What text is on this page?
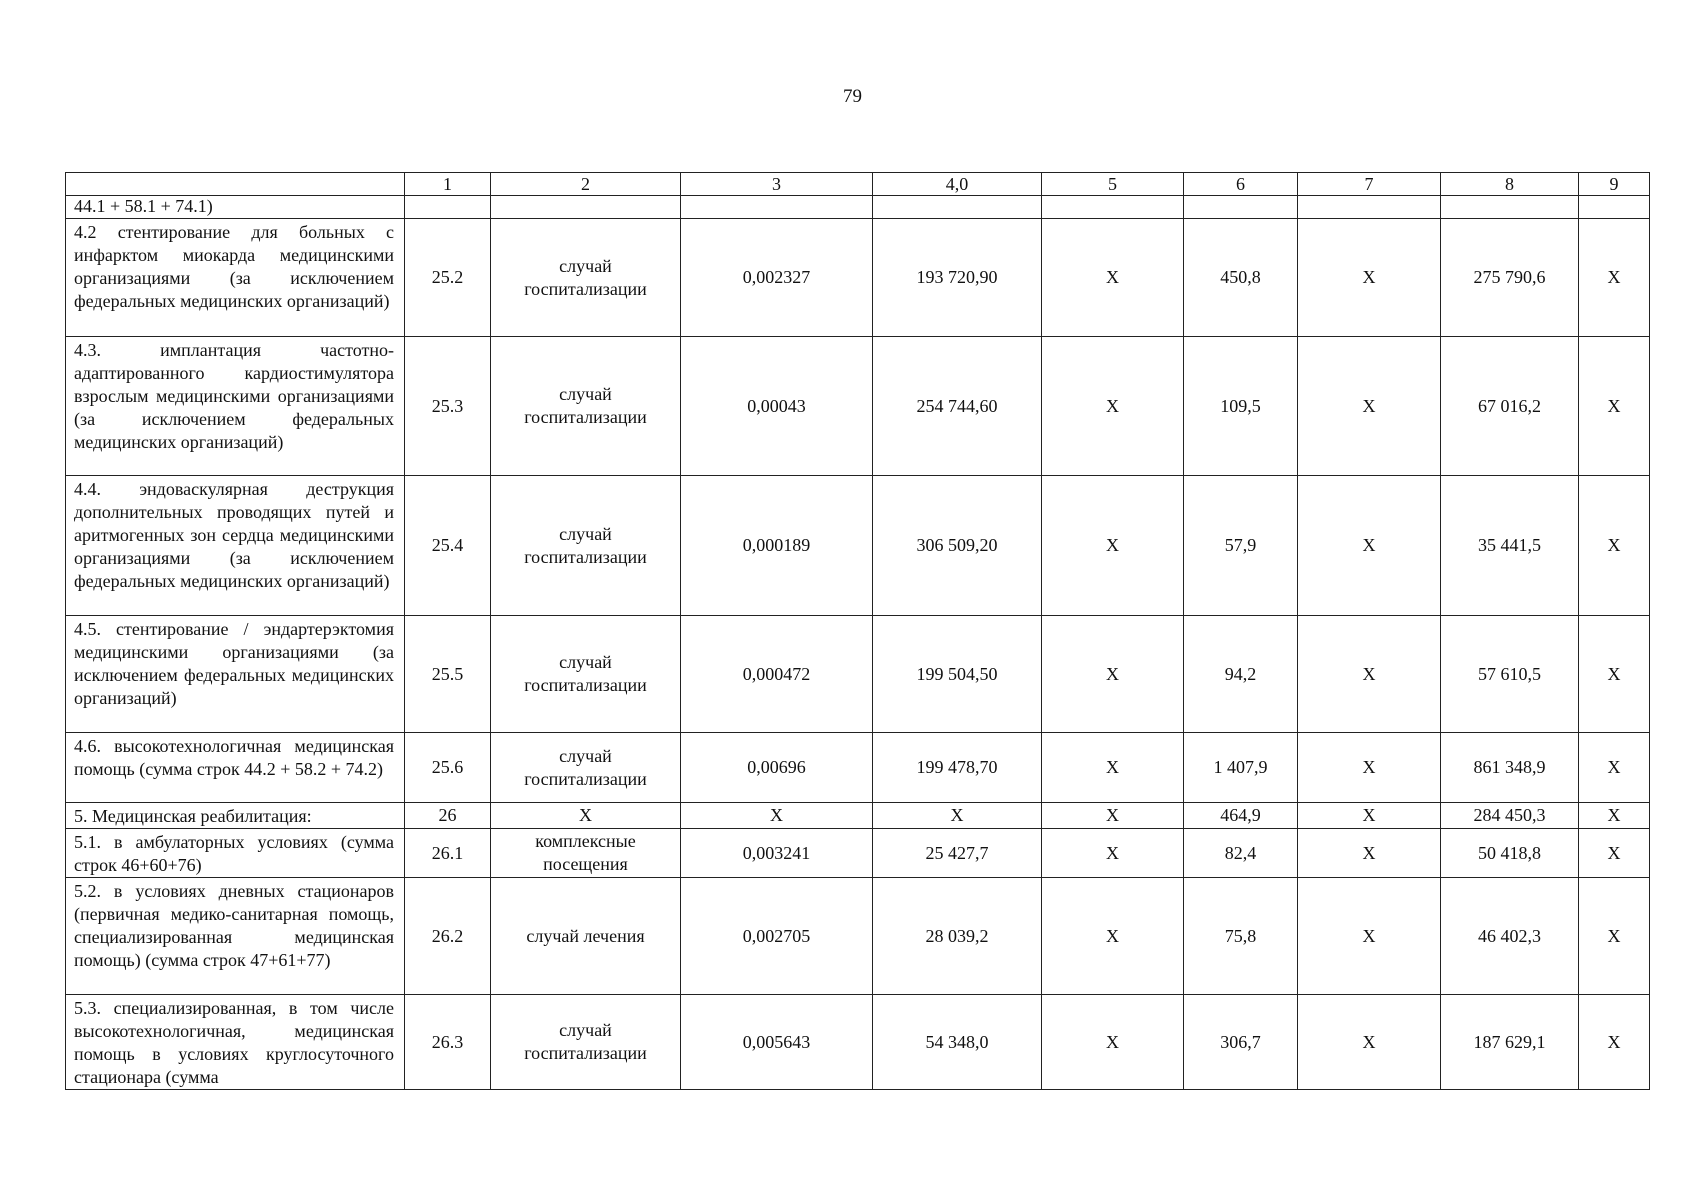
79
	1	2	3	4,0	5	6	7	8	9
44.1 + 58.1 + 74.1)									
4.2 стентирование для больных с инфарктом миокарда медицинскими организациями (за исключением федеральных медицинских организаций)	25.2	случай госпитализации	0,002327	193 720,90	X	450,8	X	275 790,6	X
4.3. имплантация частотно-адаптированного кардиостимулятора взрослым медицинскими организациями (за исключением федеральных медицинских организаций)	25.3	случай госпитализации	0,00043	254 744,60	X	109,5	X	67 016,2	X
4.4. эндоваскулярная деструкция дополнительных проводящих путей и аритмогенных зон сердца медицинскими организациями (за исключением федеральных медицинских организаций)	25.4	случай госпитализации	0,000189	306 509,20	X	57,9	X	35 441,5	X
4.5. стентирование / эндартерэктомия медицинскими организациями (за исключением федеральных медицинских организаций)	25.5	случай госпитализации	0,000472	199 504,50	X	94,2	X	57 610,5	X
4.6. высокотехнологичная медицинская помощь (сумма строк 44.2 + 58.2 + 74.2)	25.6	случай госпитализации	0,00696	199 478,70	X	1 407,9	X	861 348,9	X
5. Медицинская реабилитация:	26	X	X	X	X	464,9	X	284 450,3	X
5.1. в амбулаторных условиях (сумма строк 46+60+76)	26.1	комплексные посещения	0,003241	25 427,7	X	82,4	X	50 418,8	X
5.2. в условиях дневных стационаров (первичная медико-санитарная помощь, специализированная медицинская помощь) (сумма строк 47+61+77)	26.2	случай лечения	0,002705	28 039,2	X	75,8	X	46 402,3	X
5.3. специализированная, в том числе высокотехнологичная, медицинская помощь в условиях круглосуточного стационара (сумма	26.3	случай госпитализации	0,005643	54 348,0	X	306,7	X	187 629,1	X
